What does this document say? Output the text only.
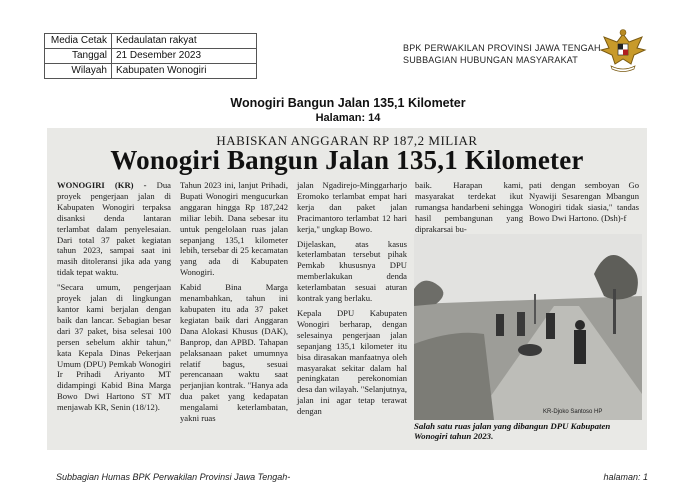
Media Cetak	Kedaulatan rakyat
Tanggal	21 Desember 2023
Wilayah	Kabupaten Wonogiri
BPK PERWAKILAN PROVINSI JAWA TENGAH
SUBBAGIAN HUBUNGAN MASYARAKAT
Wonogiri Bangun Jalan 135,1 Kilometer
Halaman: 14
HABISKAN ANGGARAN RP 187,2 MILIAR
Wonogiri Bangun Jalan 135,1 Kilometer

WONOGIRI (KR) - Dua proyek pengerjaan jalan di Kabupaten Wonogiri terpaksa disanksi denda lantaran terlambat dalam penyelesaian. Dari total 37 paket kegiatan tahun 2023, sampai saat ini masih ditoleransi jika ada yang tidak tepat waktu.

"Secara umum, pengerjaan proyek jalan di lingkungan kantor kami berjalan dengan baik dan lancar. Sebagian besar dari 37 paket, bisa selesai 100 persen sebelum akhir tahun," kata Kepala Dinas Pekerjaan Umum (DPU) Pemkab Wonogiri Ir Prihadi Ariyanto MT didampingi Kabid Bina Marga Bowo Dwi Hartono ST MT menjawab KR, Senin (18/12).

Tahun 2023 ini, lanjut Prihadi, Bupati Wonogiri mengucurkan anggaran hingga Rp 187,242 miliar lebih. Dana sebesar itu untuk pengelolaan ruas jalan sepanjang 135,1 kilometer lebih, tersebar di 25 kecamatan yang ada di Kabupaten Wonogiri.

Kabid Bina Marga menambahkan, tahun ini kabupaten itu ada 37 paket kegiatan baik dari Anggaran Dana Alokasi Khusus (DAK), Banprop, dan APBD. Tahapan pelaksanaan paket umumnya relatif bagus, sesuai perencanaan waktu saat perjanjian kontrak. "Hanya ada dua paket yang kedapatan mengalami keterlambatan, yakni ruas

jalan Ngadirejo-Minggarharjo Eromoko terlambat empat hari kerja dan paket jalan Pracimantoro terlambat 12 hari kerja," ungkap Bowo.

Dijelaskan, atas kasus keterlambatan tersebut pihak Pemkab khususnya DPU memberlakukan denda keterlambatan sesuai aturan kontrak yang berlaku.

Kepala DPU Kabupaten Wonogiri berharap, dengan selesainya pengerjaan jalan sepanjang 135,1 kilometer itu bisa dirasakan manfaatnya oleh masyarakat sekitar dalam hal peningkatan perekonomian desa dan wilayah. "Selanjutnya, jalan ini agar tetap terawat dengan

baik. Harapan kami, masyarakat terdekat ikut rumangsa handarbeni sehingga hasil pembangunan yang diprakarsai bu-

pati dengan semboyan Go Nyawiji Sesarengan Mbangun Wonogiri tidak siasia," tandas Bowo Dwi Hartono. (Dsh)-f

KR-Djoko Santoso HP
Salah satu ruas jalan yang dibangun DPU Kabupaten Wonogiri tahun 2023.
Subbagian Humas BPK Perwakilan Provinsi Jawa Tengah-	halaman: 1
